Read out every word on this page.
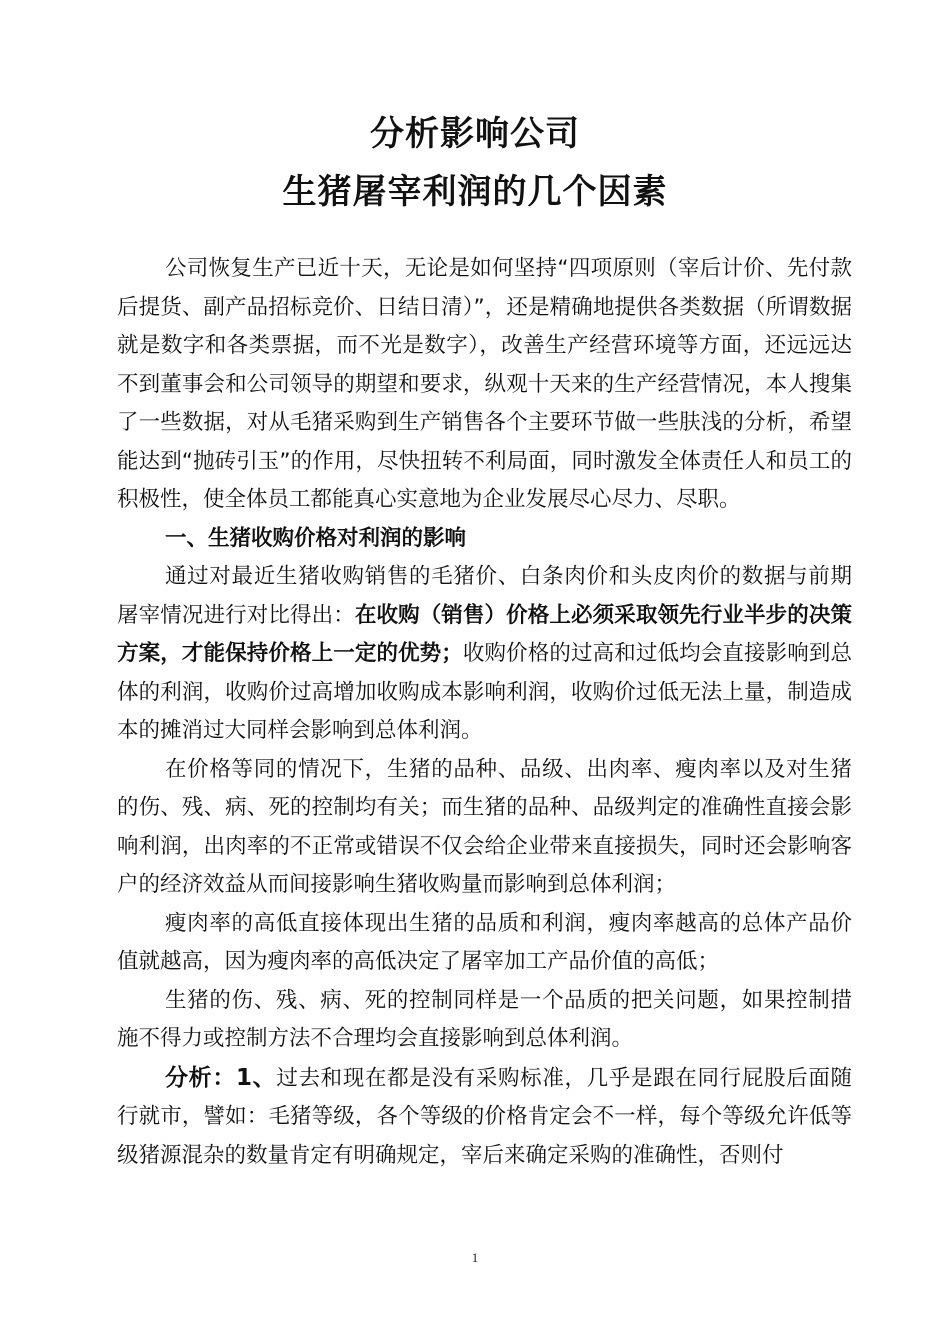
分析影响公司
生猪屠宰利润的几个因素

公司恢复生产已近十天，无论是如何坚持“四项原则（宰后计价、先付款后提货、副产品招标竞价、日结日清）”，还是精确地提供各类数据（所谓数据就是数字和各类票据，而不光是数字），改善生产经营环境等方面，还远远达不到董事会和公司领导的期望和要求，纵观十天来的生产经营情况，本人搜集了一些数据，对从毛猪采购到生产销售各个主要环节做一些肤浅的分析，希望能达到“抛砖引玉”的作用，尽快扭转不利局面，同时激发全体责任人和员工的积极性，使全体员工都能真心实意地为企业发展尽心尽力、尽职。

一、生猪收购价格对利润的影响

通过对最近生猪收购销售的毛猪价、白条肉价和头皮肉价的数据与前期屠宰情况进行对比得出：在收购（销售）价格上必须采取领先行业半步的决策方案，才能保持价格上一定的优势；收购价格的过高和过低均会直接影响到总体的利润，收购价过高增加收购成本影响利润，收购价过低无法上量，制造成本的摊消过大同样会影响到总体利润。

在价格等同的情况下，生猪的品种、品级、出肉率、瘦肉率以及对生猪的伤、残、病、死的控制均有关；而生猪的品种、品级判定的准确性直接会影响利润，出肉率的不正常或错误不仅会给企业带来直接损失，同时还会影响客户的经济效益从而间接影响生猪收购量而影响到总体利润；

瘦肉率的高低直接体现出生猪的品质和利润，瘦肉率越高的总体产品价值就越高，因为瘦肉率的高低决定了屠宰加工产品价值的高低；

生猪的伤、残、病、死的控制同样是一个品质的把关问题，如果控制措施不得力或控制方法不合理均会直接影响到总体利润。

分析：1、过去和现在都是没有采购标准，几乎是跟在同行屁股后面随行就市，譬如：毛猪等级，各个等级的价格肯定会不一样，每个等级允许低等级猪源混杂的数量肯定有明确规定，宰后来确定采购的准确性，否则付

1
